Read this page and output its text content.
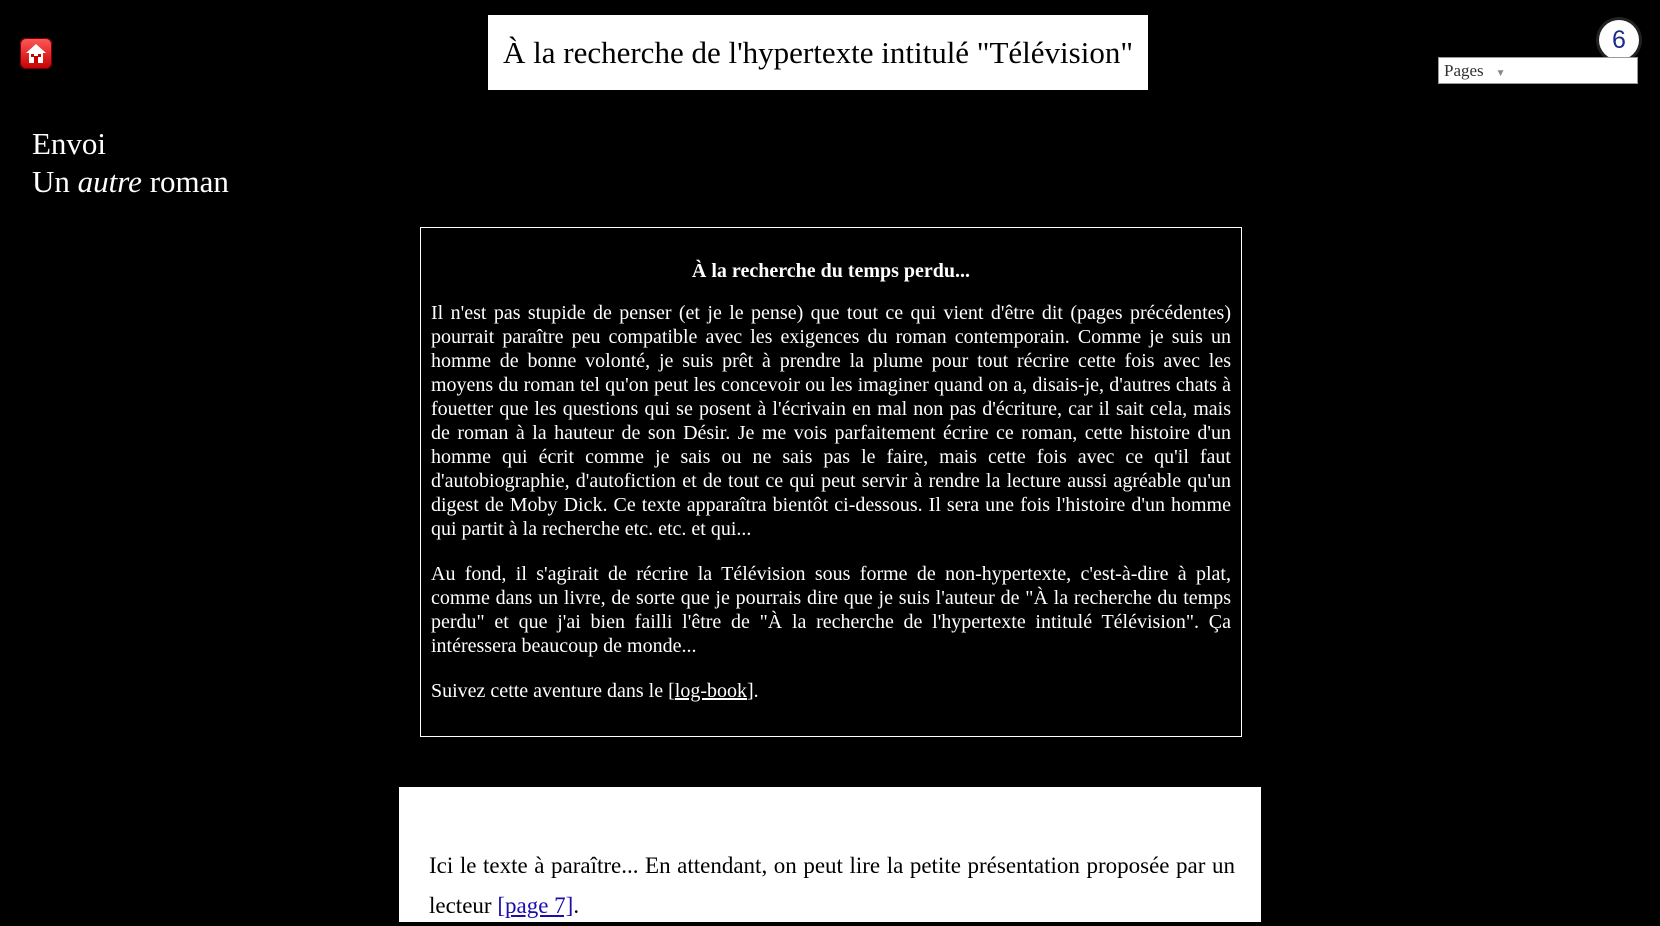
À la recherche de l'hypertexte intitulé "Télévision"	6
Pages ▼
Envoi
Un autre roman
À la recherche du temps perdu...

Il n'est pas stupide de penser (et je le pense) que tout ce qui vient d'être dit (pages précédentes) pourrait paraître peu compatible avec les exigences du roman contemporain. Comme je suis un homme de bonne volonté, je suis prêt à prendre la plume pour tout récrire cette fois avec les moyens du roman tel qu'on peut les concevoir ou les imaginer quand on a, disais-je, d'autres chats à fouetter que les questions qui se posent à l'écrivain en mal non pas d'écriture, car il sait cela, mais de roman à la hauteur de son Désir. Je me vois parfaitement écrire ce roman, cette histoire d'un homme qui écrit comme je sais ou ne sais pas le faire, mais cette fois avec ce qu'il faut d'autobiographie, d'autofiction et de tout ce qui peut servir à rendre la lecture aussi agréable qu'un digest de Moby Dick. Ce texte apparaîtra bientôt ci-dessous. Il sera une fois l'histoire d'un homme qui partit à la recherche etc. etc. et qui...

Au fond, il s'agirait de récrire la Télévision sous forme de non-hypertexte, c'est-à-dire à plat, comme dans un livre, de sorte que je pourrais dire que je suis l'auteur de "À la recherche du temps perdu" et que j'ai bien failli l'être de "À la recherche de l'hypertexte intitulé Télévision". Ça intéressera beaucoup de monde...

Suivez cette aventure dans le [log-book].

Ici le texte à paraître... En attendant, on peut lire la petite présentation proposée par un lecteur [page 7].
